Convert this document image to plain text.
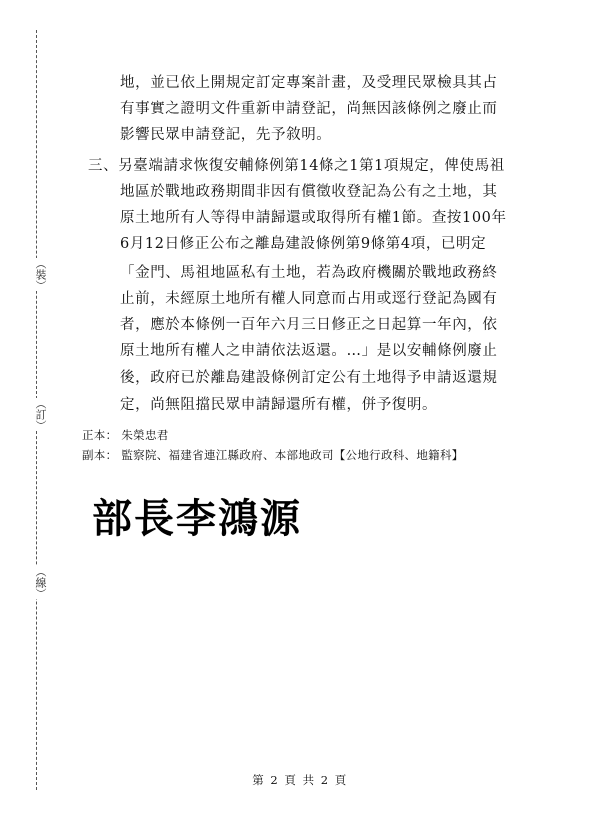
（裝）
（訂）
（線）
地，並已依上開規定訂定專案計畫，及受理民眾檢具其占
有事實之證明文件重新申請登記，尚無因該條例之廢止而
影響民眾申請登記，先予敘明。
三、另臺端請求恢復安輔條例第14條之1第1項規定，俾使馬祖
地區於戰地政務期間非因有償徵收登記為公有之土地，其
原土地所有人等得申請歸還或取得所有權1節。查按100年
6月12日修正公布之離島建設條例第9條第4項，已明定
「金門、馬祖地區私有土地，若為政府機關於戰地政務終
止前，未經原土地所有權人同意而占用或逕行登記為國有
者，應於本條例一百年六月三日修正之日起算一年內，依
原土地所有權人之申請依法返還。…」是以安輔條例廢止
後，政府已於離島建設條例訂定公有土地得予申請返還規
定，尚無阻擋民眾申請歸還所有權，併予復明。
正本： 朱榮忠君
副本： 監察院、福建省連江縣政府、本部地政司【公地行政科、地籍科】
部長李鴻源
第 2 頁 共 2 頁
